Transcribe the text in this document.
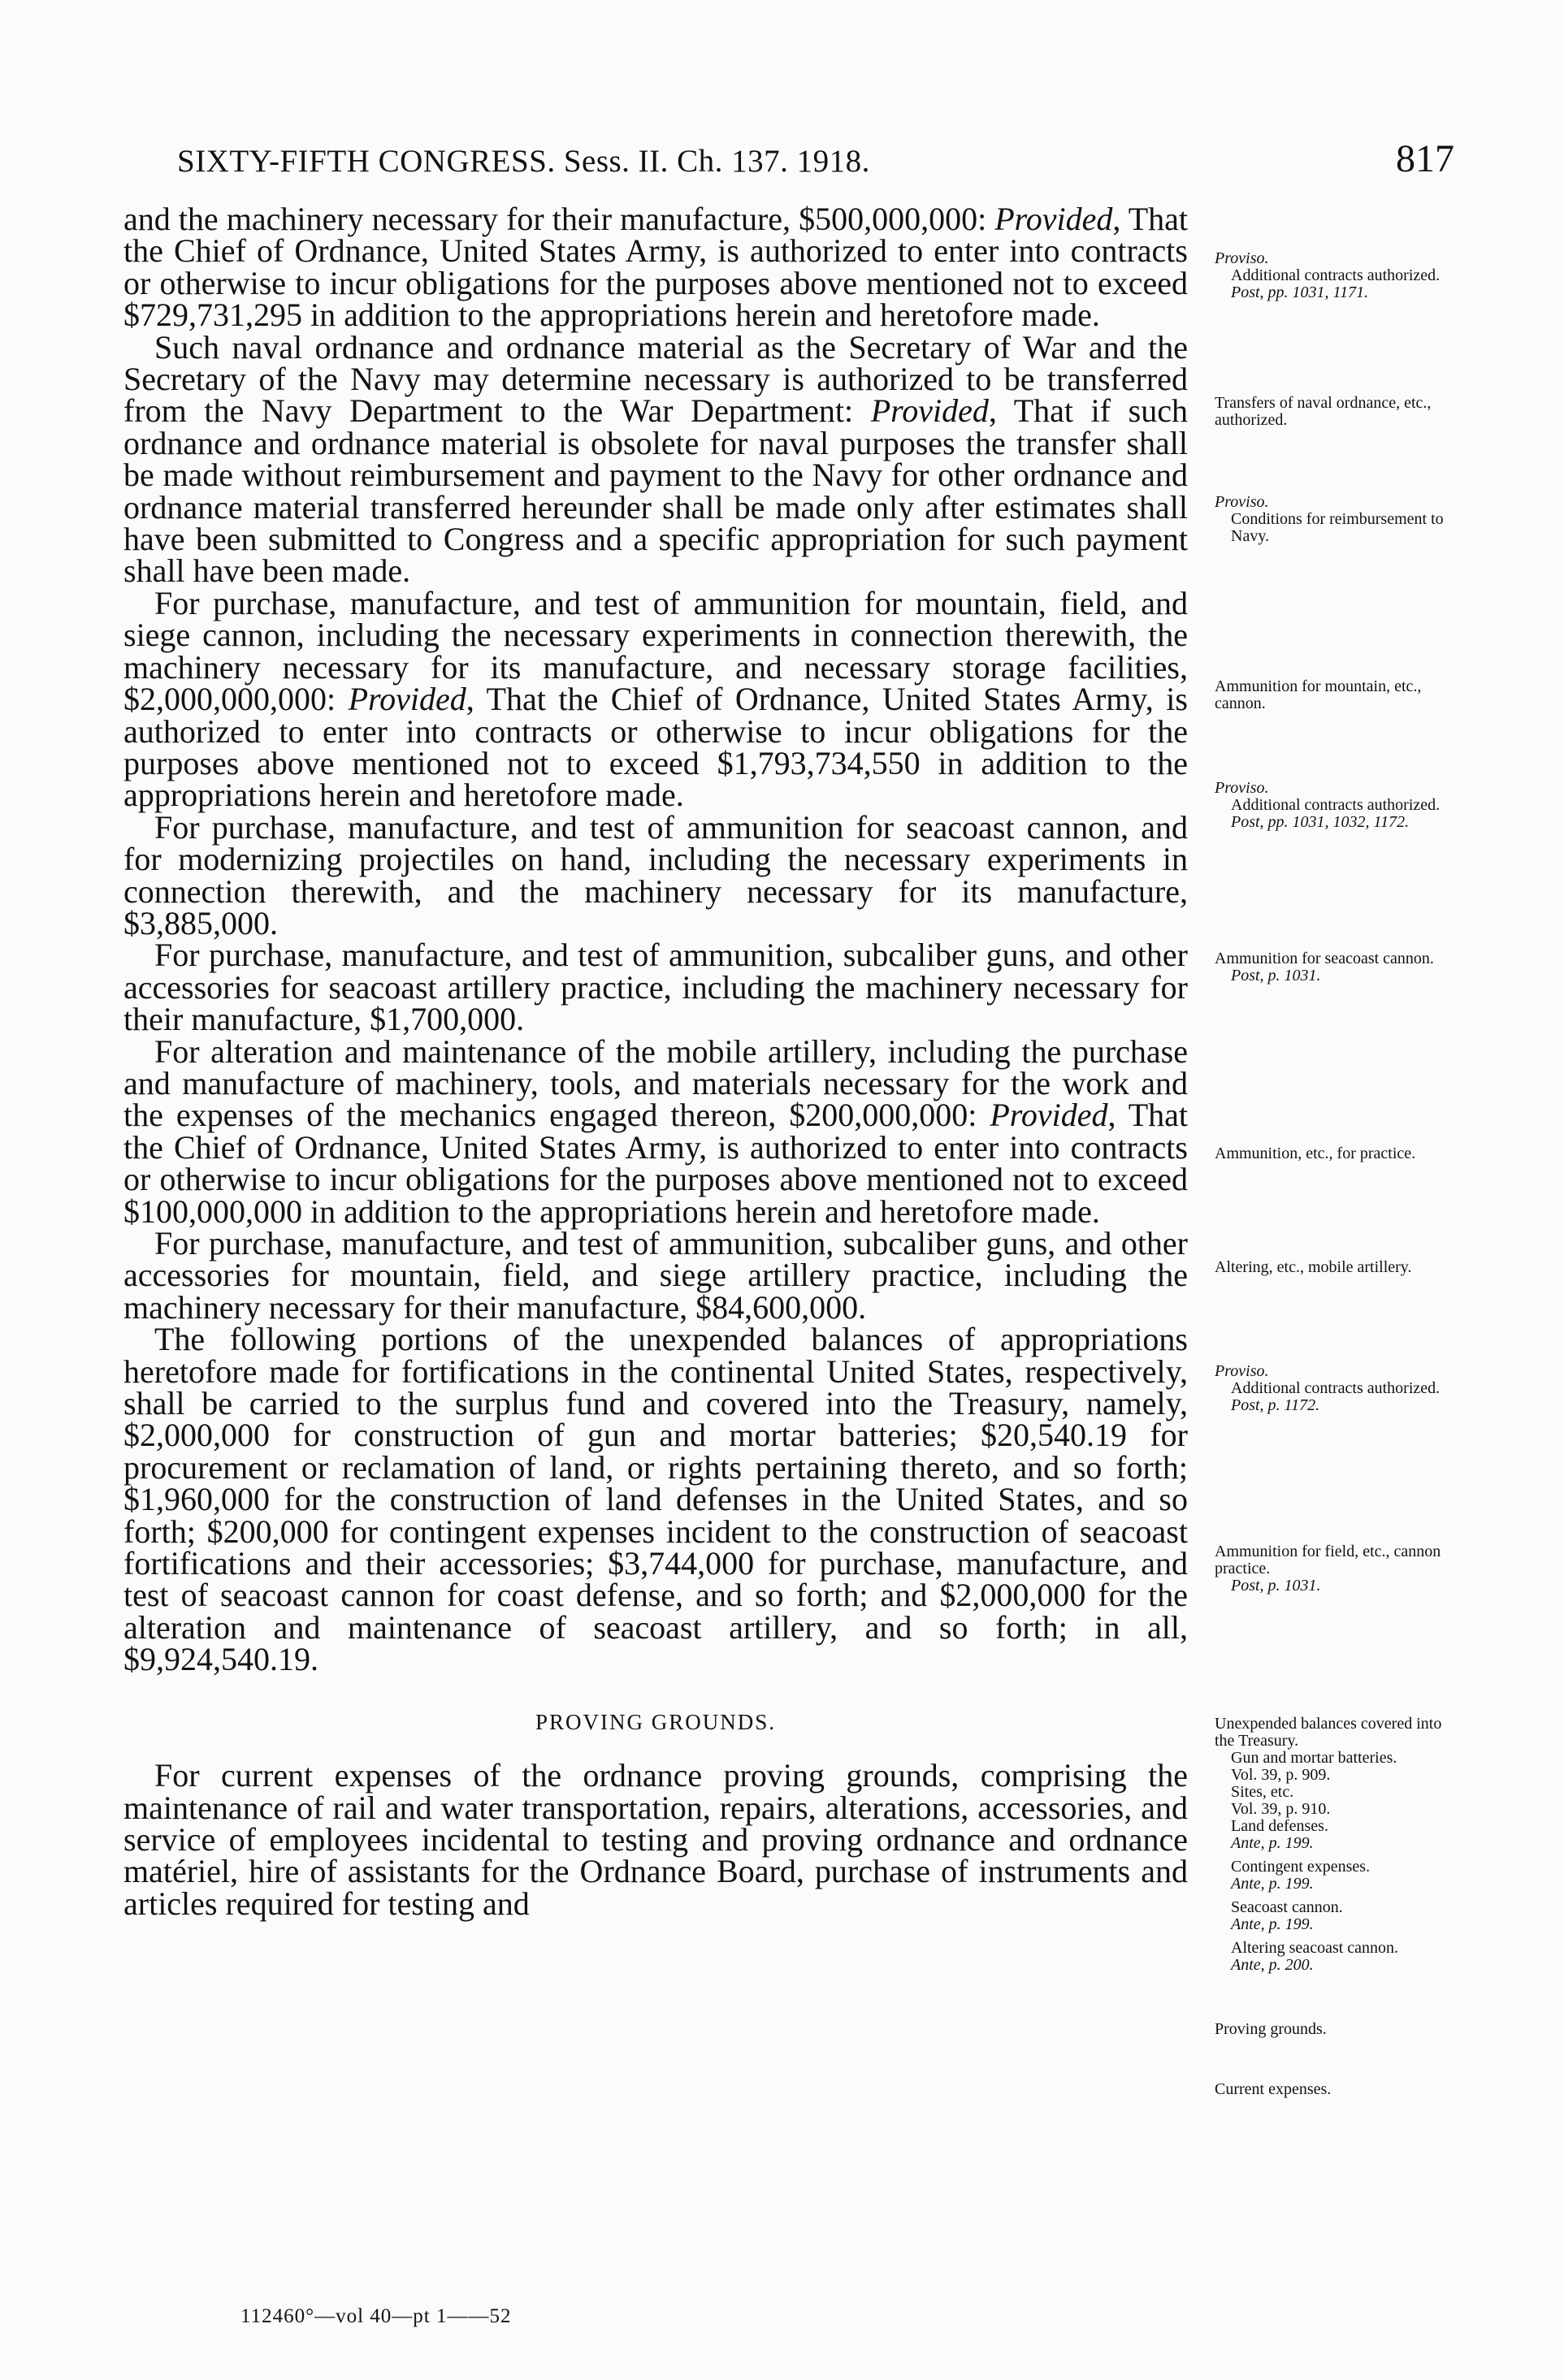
SIXTY-FIFTH CONGRESS. Sess. II. Ch. 137. 1918.	817

and the machinery necessary for their manufacture, $500,000,000: Provided, That the Chief of Ordnance, United States Army, is authorized to enter into contracts or otherwise to incur obligations for the purposes above mentioned not to exceed $729,731,295 in addition to the appropriations herein and heretofore made.

Such naval ordnance and ordnance material as the Secretary of War and the Secretary of the Navy may determine necessary is authorized to be transferred from the Navy Department to the War Department: Provided, That if such ordnance and ordnance material is obsolete for naval purposes the transfer shall be made without reimbursement and payment to the Navy for other ordnance and ordnance material transferred hereunder shall be made only after estimates shall have been submitted to Congress and a specific appropriation for such payment shall have been made.

For purchase, manufacture, and test of ammunition for mountain, field, and siege cannon, including the necessary experiments in connection therewith, the machinery necessary for its manufacture, and necessary storage facilities, $2,000,000,000: Provided, That the Chief of Ordnance, United States Army, is authorized to enter into contracts or otherwise to incur obligations for the purposes above mentioned not to exceed $1,793,734,550 in addition to the appropriations herein and heretofore made.

For purchase, manufacture, and test of ammunition for seacoast cannon, and for modernizing projectiles on hand, including the necessary experiments in connection therewith, and the machinery necessary for its manufacture, $3,885,000.

For purchase, manufacture, and test of ammunition, subcaliber guns, and other accessories for seacoast artillery practice, including the machinery necessary for their manufacture, $1,700,000.

For alteration and maintenance of the mobile artillery, including the purchase and manufacture of machinery, tools, and materials necessary for the work and the expenses of the mechanics engaged thereon, $200,000,000: Provided, That the Chief of Ordnance, United States Army, is authorized to enter into contracts or otherwise to incur obligations for the purposes above mentioned not to exceed $100,000,000 in addition to the appropriations herein and heretofore made.

For purchase, manufacture, and test of ammunition, subcaliber guns, and other accessories for mountain, field, and siege artillery practice, including the machinery necessary for their manufacture, $84,600,000.

The following portions of the unexpended balances of appropriations heretofore made for fortifications in the continental United States, respectively, shall be carried to the surplus fund and covered into the Treasury, namely, $2,000,000 for construction of gun and mortar batteries; $20,540.19 for procurement or reclamation of land, or rights pertaining thereto, and so forth; $1,960,000 for the construction of land defenses in the United States, and so forth; $200,000 for contingent expenses incident to the construction of seacoast fortifications and their accessories; $3,744,000 for purchase, manufacture, and test of seacoast cannon for coast defense, and so forth; and $2,000,000 for the alteration and maintenance of seacoast artillery, and so forth; in all, $9,924,540.19.

PROVING GROUNDS.

For current expenses of the ordnance proving grounds, comprising the maintenance of rail and water transportation, repairs, alterations, accessories, and service of employees incidental to testing and proving ordnance and ordnance matériel, hire of assistants for the Ordnance Board, purchase of instruments and articles required for testing and

Proviso.
Additional contracts authorized.
Post, pp. 1031, 1171.
Transfers of naval ordnance, etc., authorized.
Proviso.
Conditions for reimbursement to Navy.
Ammunition for mountain, etc., cannon.
Proviso.
Additional contracts authorized.
Post, pp. 1031, 1032, 1172.
Ammunition for seacoast cannon.
Post, p. 1031.
Ammunition, etc., for practice.
Altering, etc., mobile artillery.
Proviso.
Additional contracts authorized.
Post, p. 1172.
Ammunition for field, etc., cannon practice.
Post, p. 1031.
Unexpended balances covered into the Treasury.
Gun and mortar batteries.
Vol. 39, p. 909.
Sites, etc.
Vol. 39, p. 910.
Land defenses.
Ante, p. 199.
Contingent expenses.
Ante, p. 199.
Seacoast cannon.
Ante, p. 199.
Altering seacoast cannon.
Ante, p. 200.
Proving grounds.
Current expenses.
112460°—vol 40—pt 1——52
